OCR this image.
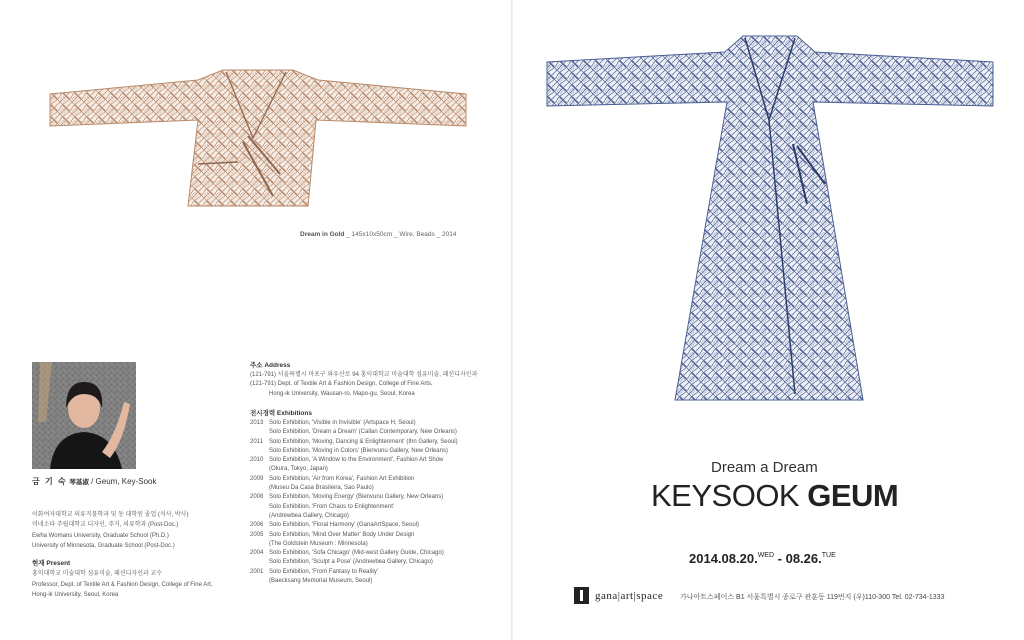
Dream in Gold _ 145x10x50cm _ Wire, Beads _ 2014
금 기 숙 琴基淑 / Geum, Key-Sook
이화여자대학교 의류직물학과 및 동 대학원 졸업 (석사, 박사)
미네소타 주립대학교 디자인, 주거, 의류학과 (Post-Doc.)
Ewha Womans University, Graduate School (Ph.D.)
University of Minnesota, Graduate School (Post-Doc.)
현재 Present
홍익대학교 미술대학 섬유미술, 패션디자인과 교수
Professor, Dept. of Textile Art & Fashion Design, College of Fine Art,
Hong-ik University, Seoul, Korea
주소 Address
(121-791) 서울특별시 마포구 와우산로 94 홍익대학교 미술대학 섬유미술, 패션디자인과
(121-791) Dept. of Textile Art & Fashion Design, College of Fine Arts,
Hong-ik University, Wausan-ro, Mapo-gu, Seoul, Korea
전시경력 Exhibitions
2013 Solo Exhibition, 'Visible in Invisible' (Artspace H, Seoul)
Solo Exhibition, 'Dream a Dream' (Callan Contemporary, New Orleans)
2011	Solo Exhibition, 'Moving, Dancing & Enlightenment' (Ihn Gallery, Seoul)
Solo Exhibition, 'Moving in Colors' (Bienvunu Gallery, New Orleans)
2010 Solo Exhibition, 'A Window to the Environment', Fashion Art Show
(Okura, Tokyo, Japan)
2009 Solo Exhibition, 'Air from Korea', Fashion Art Exhibition
(Museu Da Casa Brasileira, Sao Paulo)
2008 Solo Exhibition, 'Moving Energy' (Bienvunu Gallery, New Orleans)
Solo Exhibition, 'From Chaos to Enlightenment'
(Andrewbea Gallery, Chicago)
2006 Solo Exhibition, 'Floral Harmony' (GanaArtSpace, Seoul)
2005 Solo Exhibition, 'Mind Over Matter' Body Under Design
(The Goldstein Museum : Minnesota)
2004 Solo Exhibition, 'Sofa Chicago' (Mid-west Gallery Guide, Chicago)
Solo Exhibition, 'Sculpt a Pose' (Andrewbea Gallery, Chicago)
2001 Solo Exhibition, 'From Fantasy to Reality'
(Baecksang Memorial Museum, Seoul)
Dream a Dream
KEYSOOK GEUM
2014.08.20.$^{WED}$ - 08.26.$^{TUE}$
gana|art|space 가나아트스페이스 B1 서울특별시 종로구 관훈동 119번지 (우)110-300 Tel. 02-734-1333
